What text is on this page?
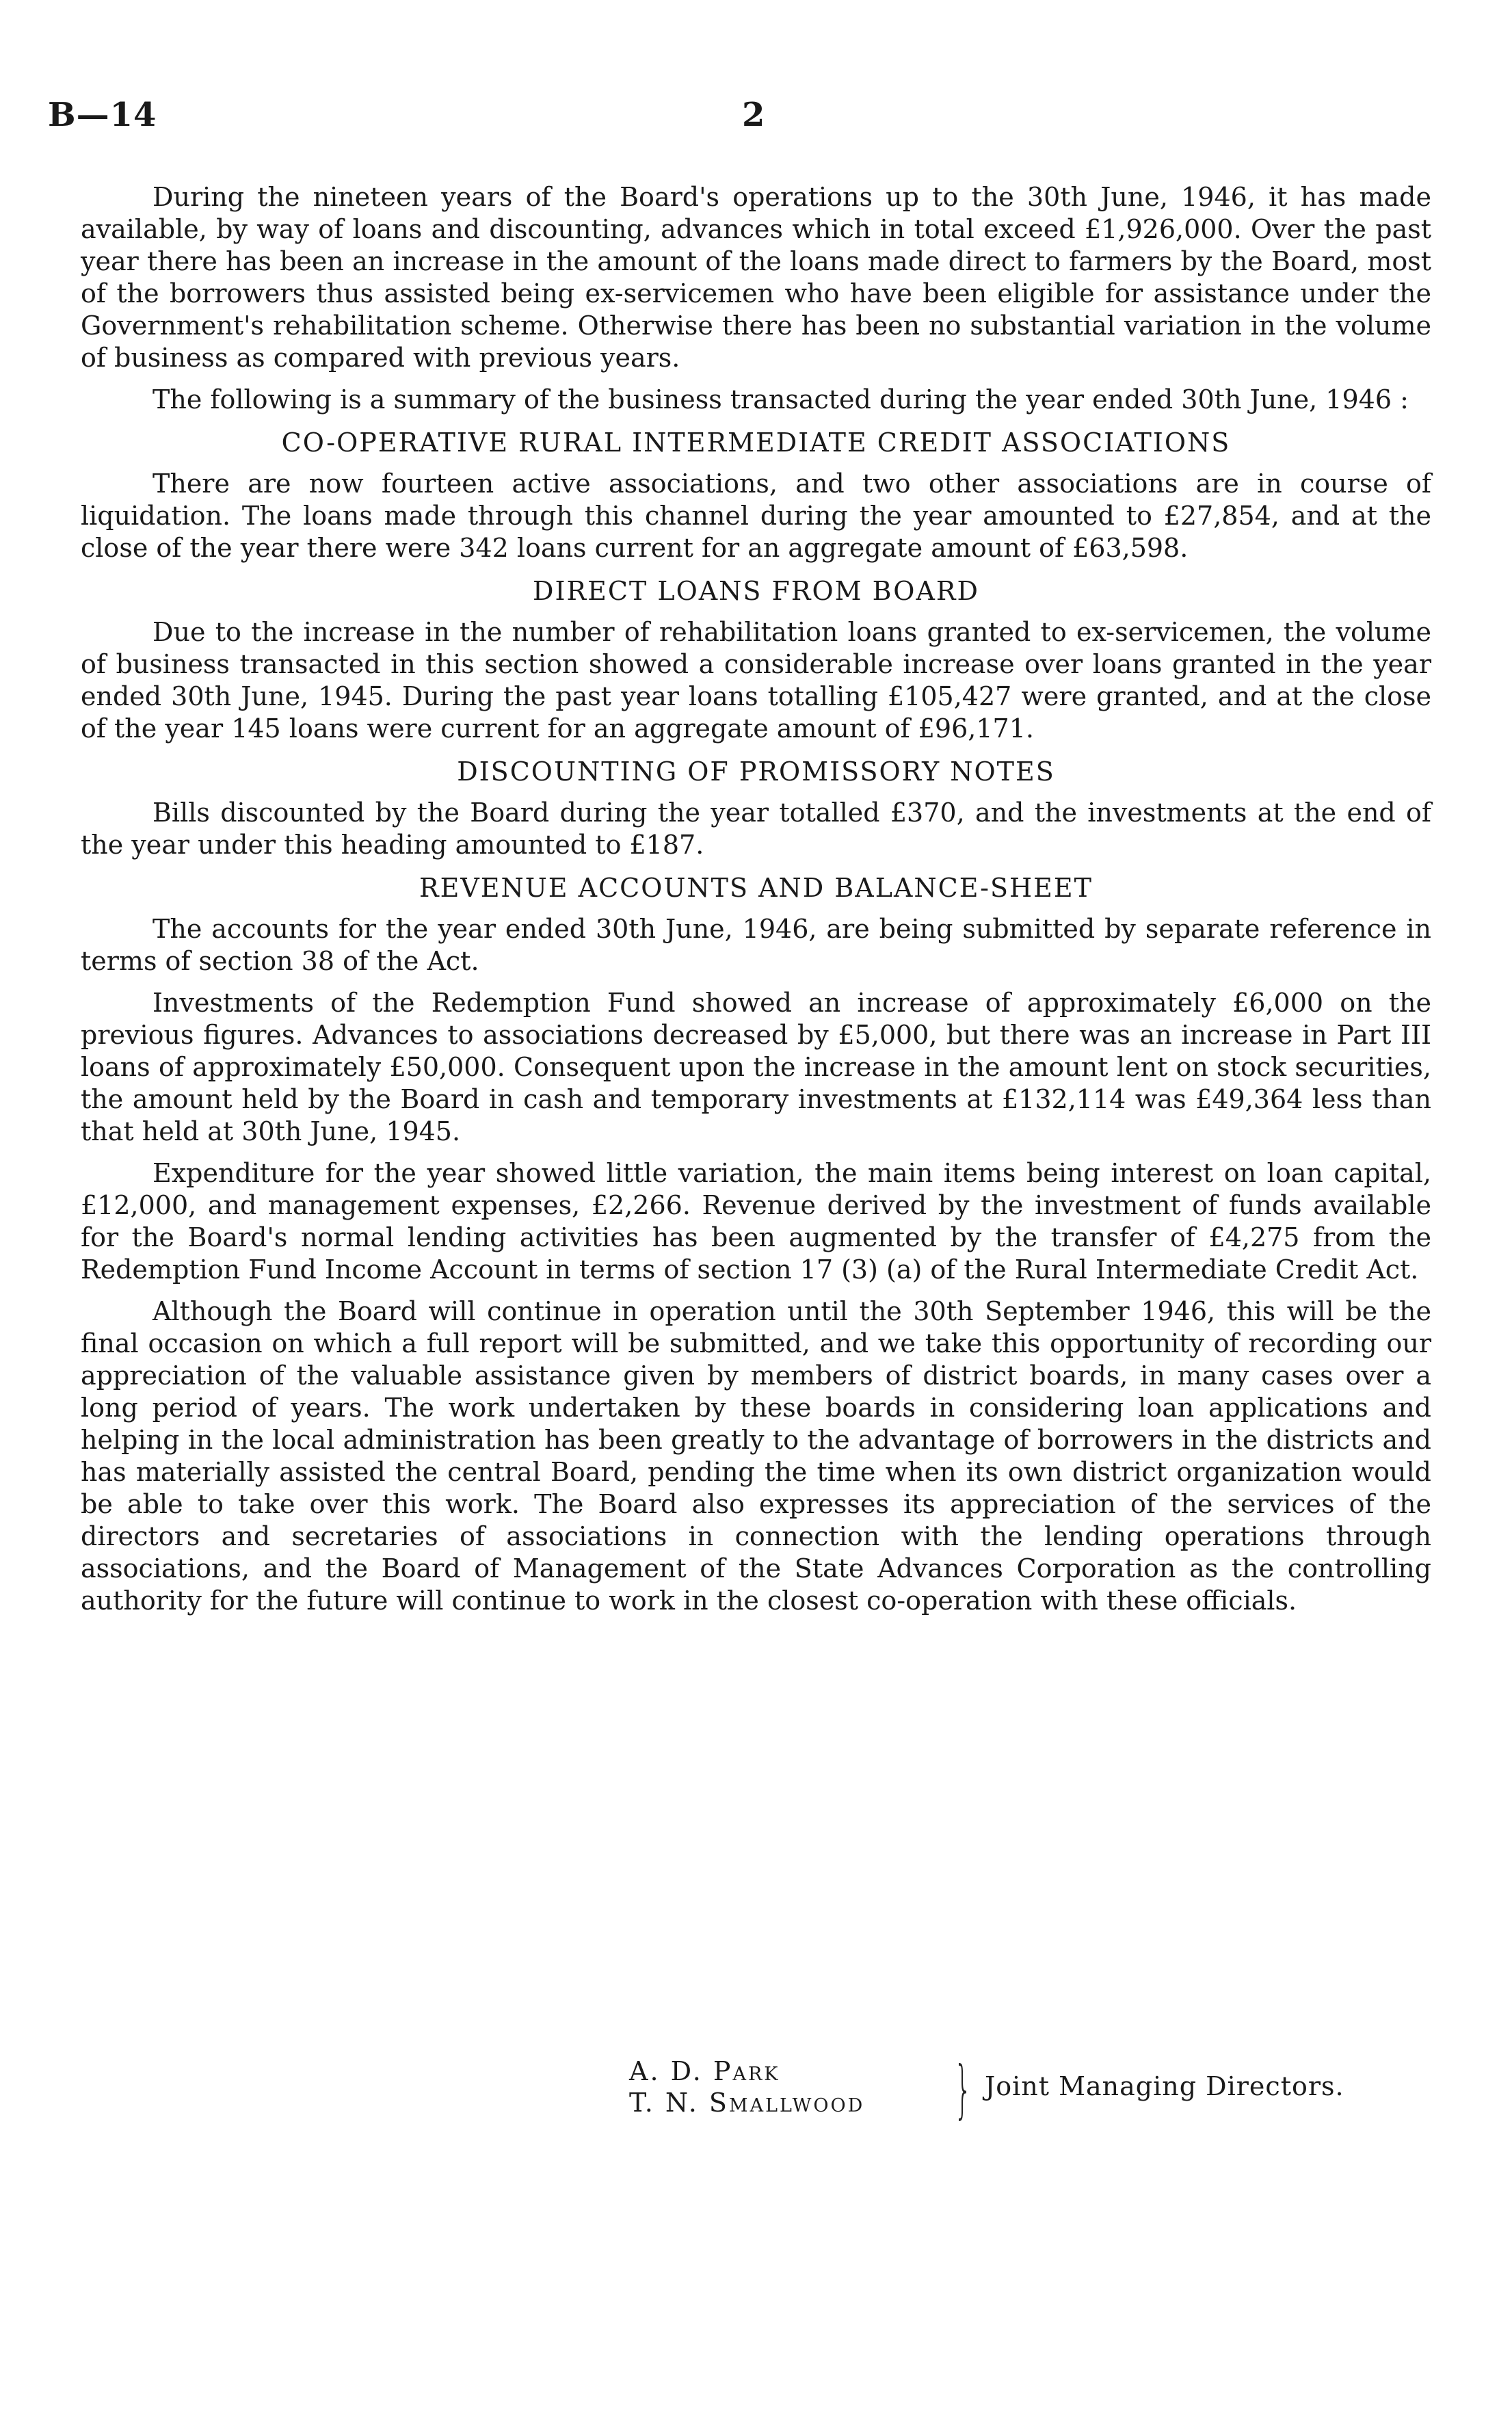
B—14	2

During the nineteen years of the Board's operations up to the 30th June, 1946, it has made available, by way of loans and discounting, advances which in total exceed £1,926,000. Over the past year there has been an increase in the amount of the loans made direct to farmers by the Board, most of the borrowers thus assisted being ex-servicemen who have been eligible for assistance under the Government's rehabilitation scheme. Otherwise there has been no substantial variation in the volume of business as compared with previous years.

The following is a summary of the business transacted during the year ended 30th June, 1946 :

CO-OPERATIVE RURAL INTERMEDIATE CREDIT ASSOCIATIONS

There are now fourteen active associations, and two other associations are in course of liquidation. The loans made through this channel during the year amounted to £27,854, and at the close of the year there were 342 loans current for an aggregate amount of £63,598.

DIRECT LOANS FROM BOARD

Due to the increase in the number of rehabilitation loans granted to ex-servicemen, the volume of business transacted in this section showed a considerable increase over loans granted in the year ended 30th June, 1945. During the past year loans totalling £105,427 were granted, and at the close of the year 145 loans were current for an aggregate amount of £96,171.

DISCOUNTING OF PROMISSORY NOTES

Bills discounted by the Board during the year totalled £370, and the investments at the end of the year under this heading amounted to £187.

REVENUE ACCOUNTS AND BALANCE-SHEET

The accounts for the year ended 30th June, 1946, are being submitted by separate reference in terms of section 38 of the Act.

Investments of the Redemption Fund showed an increase of approximately £6,000 on the previous figures. Advances to associations decreased by £5,000, but there was an increase in Part III loans of approximately £50,000. Consequent upon the increase in the amount lent on stock securities, the amount held by the Board in cash and temporary investments at £132,114 was £49,364 less than that held at 30th June, 1945.

Expenditure for the year showed little variation, the main items being interest on loan capital, £12,000, and management expenses, £2,266. Revenue derived by the investment of funds available for the Board's normal lending activities has been augmented by the transfer of £4,275 from the Redemption Fund Income Account in terms of section 17 (3) (a) of the Rural Intermediate Credit Act.

Although the Board will continue in operation until the 30th September 1946, this will be the final occasion on which a full report will be submitted, and we take this opportunity of recording our appreciation of the valuable assistance given by members of district boards, in many cases over a long period of years. The work undertaken by these boards in considering loan applications and helping in the local administration has been greatly to the advantage of borrowers in the districts and has materially assisted the central Board, pending the time when its own district organization would be able to take over this work. The Board also expresses its appreciation of the services of the directors and secretaries of associations in connection with the lending operations through associations, and the Board of Management of the State Advances Corporation as the controlling authority for the future will continue to work in the closest co-operation with these officials.

A. D. Park
T. N. Smallwood } Joint Managing Directors.
